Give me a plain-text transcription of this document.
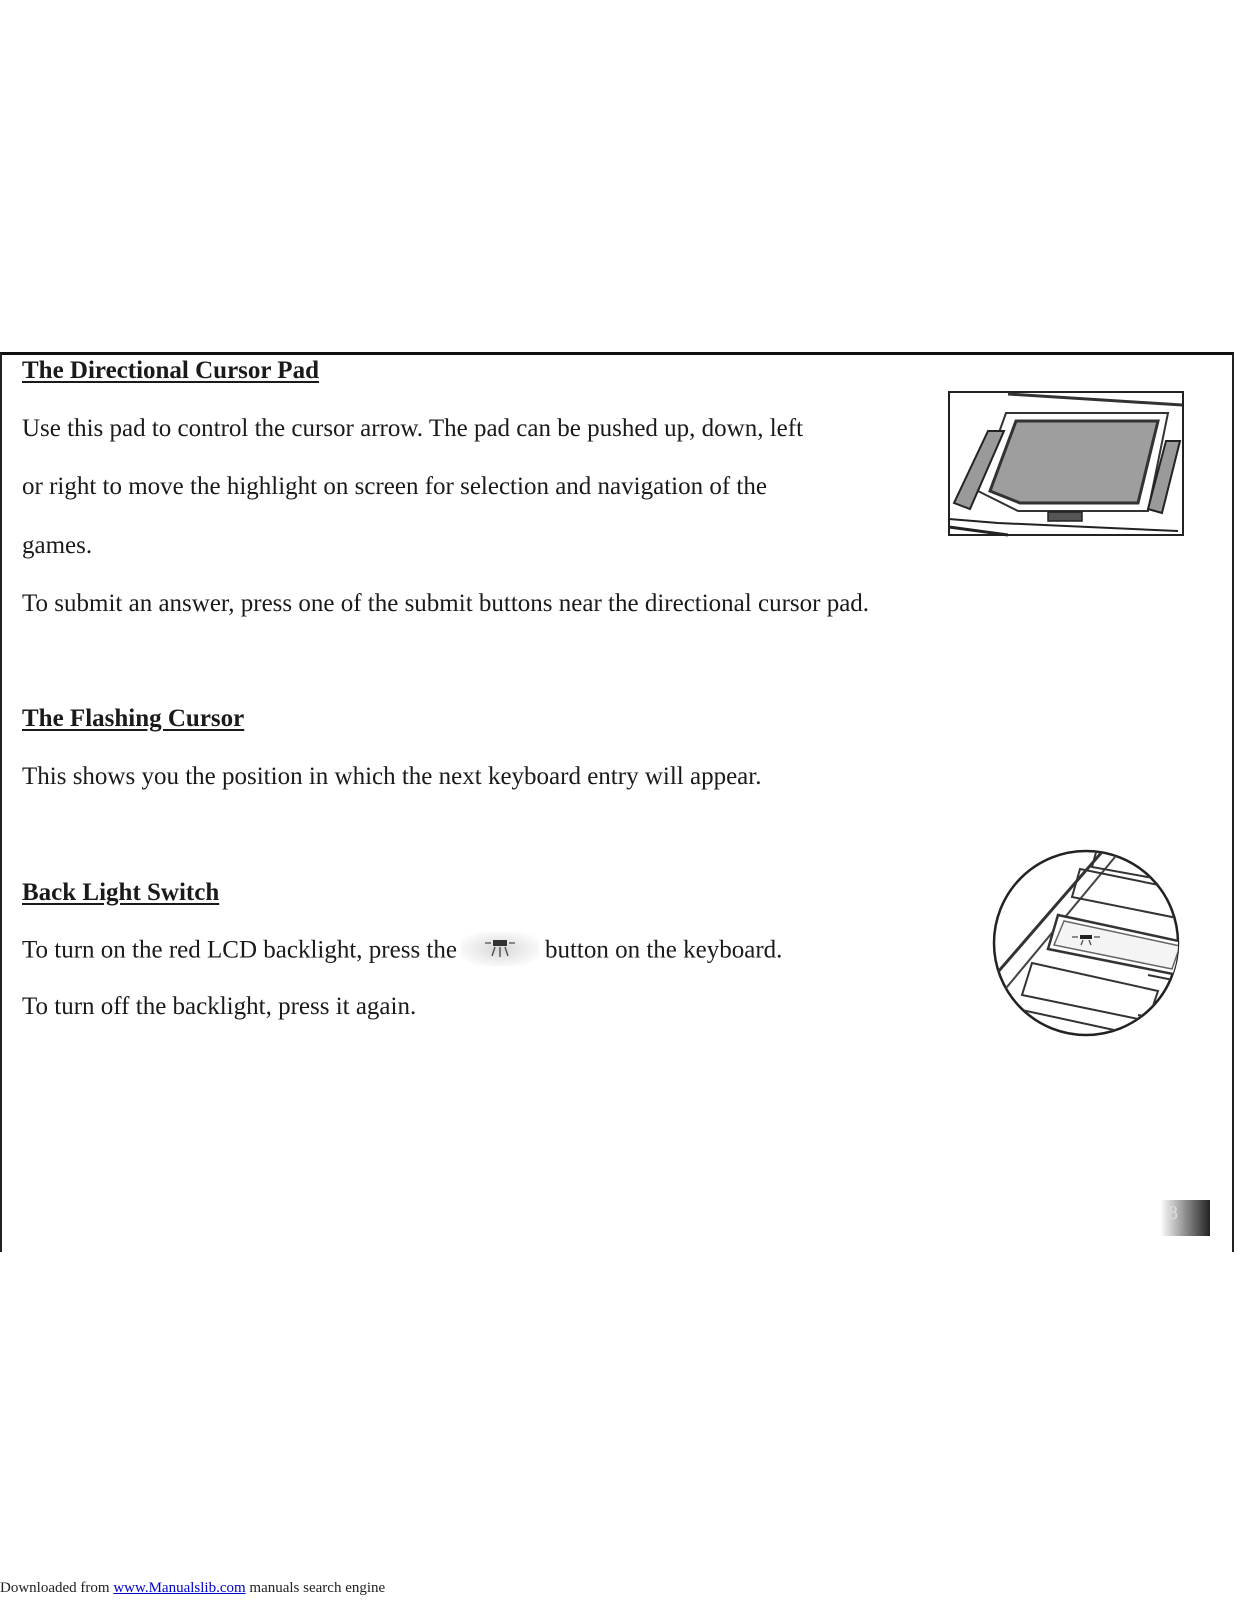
The Directional Cursor Pad
Use this pad to control the cursor arrow. The pad can be pushed up, down, left
or right to move the highlight on screen for selection and navigation of the
games.
To submit an answer, press one of the submit buttons near the directional cursor pad.
The Flashing Cursor
This shows you the position in which the next keyboard entry will appear.
Back Light Switch
To turn on the red LCD backlight, press the	button on the keyboard.
To turn off the backlight, press it again.
8
Downloaded from www.Manualslib.com manuals search engine
